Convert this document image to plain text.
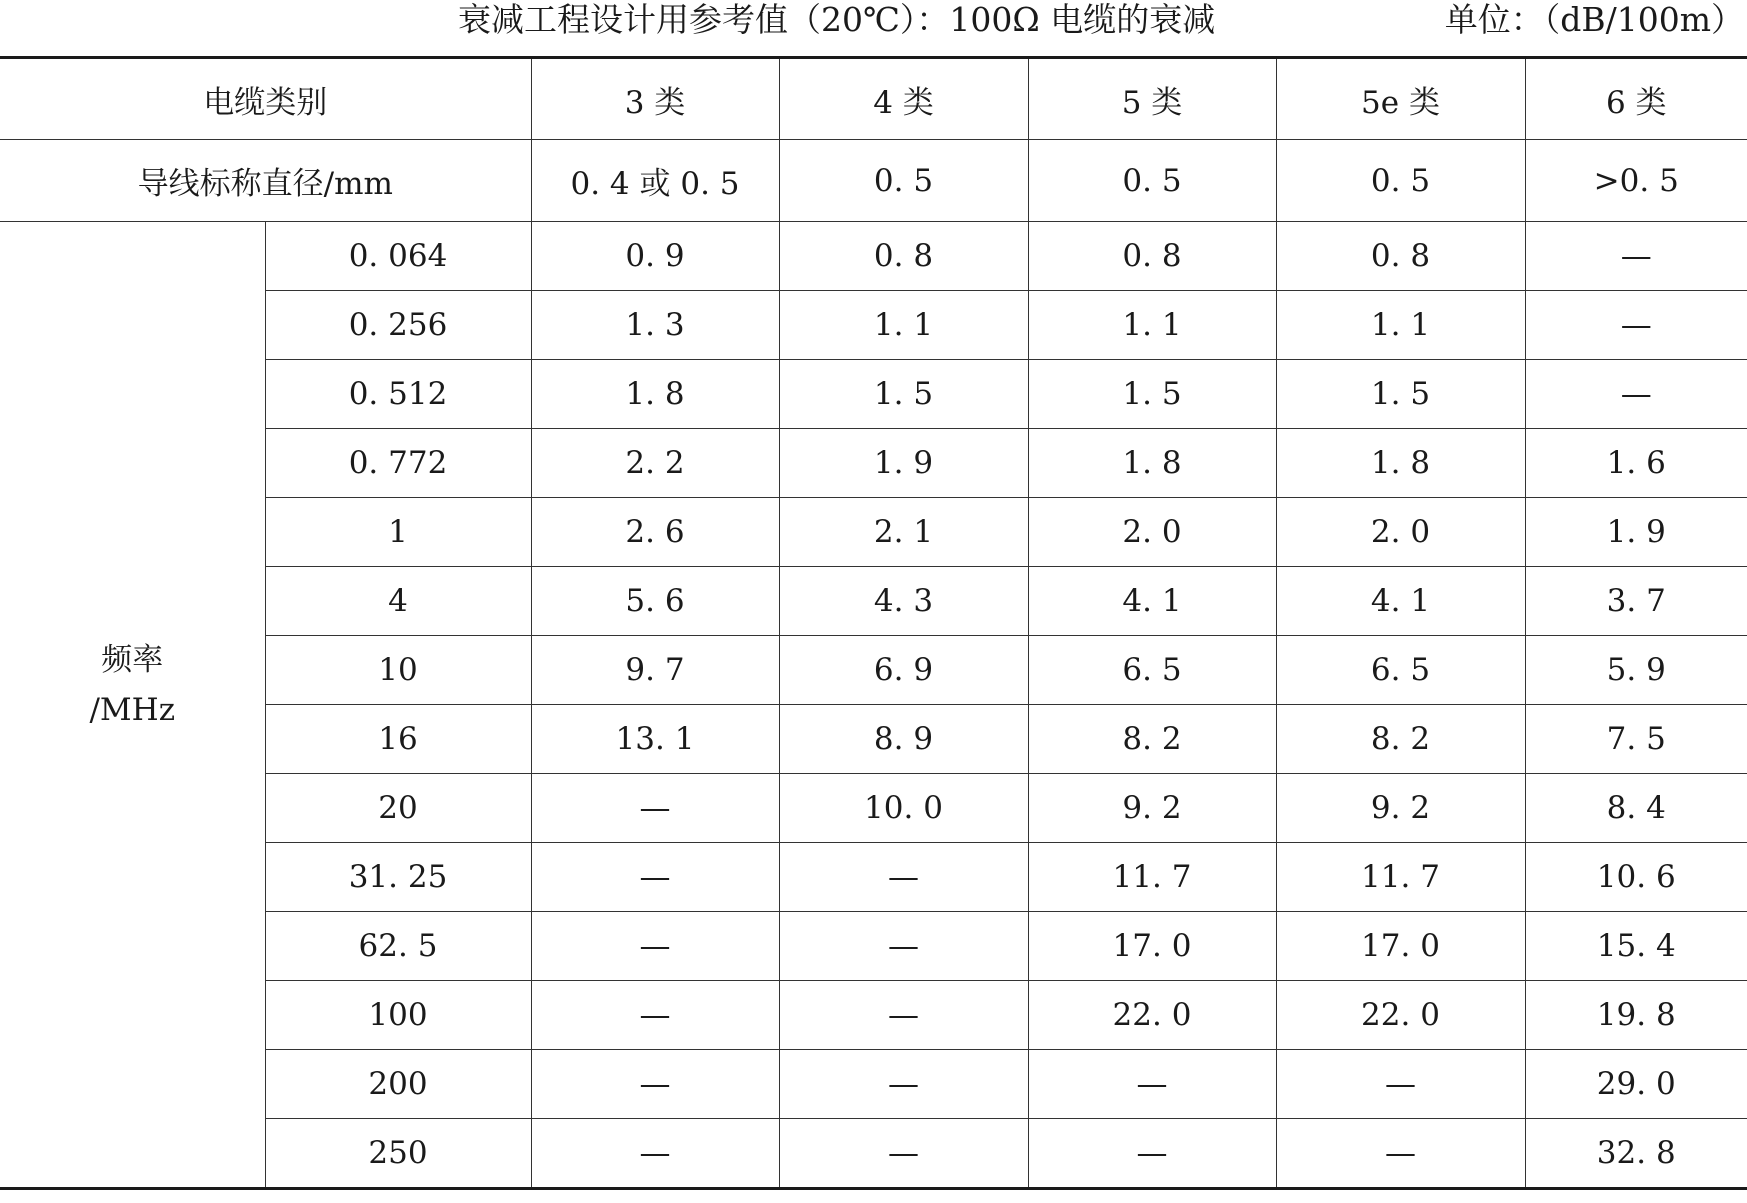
衰减工程设计用参考值（20℃）：100Ω 电缆的衰减	单位：（dB/100m）
电缆类别		3 类	4 类	5 类	5e 类	6 类
导线标称直径/mm		0. 4 或 0. 5	0. 5	0. 5	0. 5	>0. 5

频率
/MHz	0. 064	0. 9	0. 8	0. 8	0. 8	—
	0. 256	1. 3	1. 1	1. 1	1. 1	—
	0. 512	1. 8	1. 5	1. 5	1. 5	—
	0. 772	2. 2	1. 9	1. 8	1. 8	1. 6
	1	2. 6	2. 1	2. 0	2. 0	1. 9
	4	5. 6	4. 3	4. 1	4. 1	3. 7
	10	9. 7	6. 9	6. 5	6. 5	5. 9
	16	13. 1	8. 9	8. 2	8. 2	7. 5
	20	—	10. 0	9. 2	9. 2	8. 4
	31. 25	—	—	11. 7	11. 7	10. 6
	62. 5	—	—	17. 0	17. 0	15. 4
	100	—	—	22. 0	22. 0	19. 8
	200	—	—	—	—	29. 0
	250	—	—	—	—	32. 8
